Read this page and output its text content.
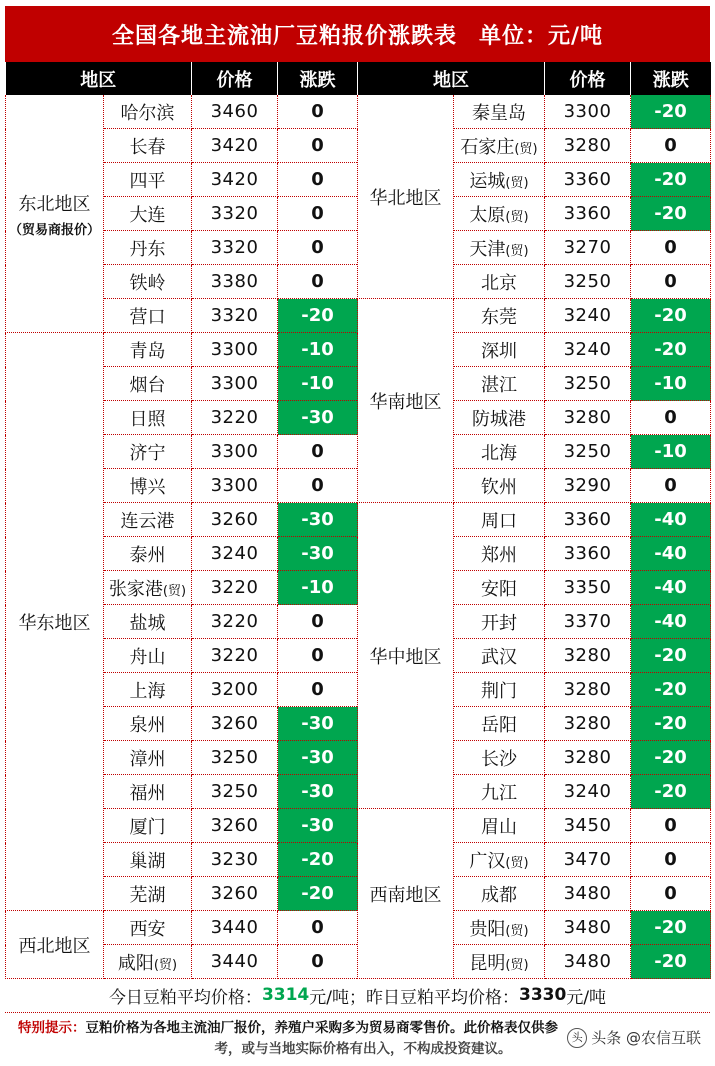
全国各地主流油厂豆粕报价涨跌表 单位：元/吨
地区		价格	涨跌	地区		价格	涨跌
东北地区
（贸易商报价）	哈尔滨	3460	0	华北地区	秦皇岛	3300	-20
	长春	3420	0		石家庄(贸)	3280	0
	四平	3420	0		运城(贸)	3360	-20
	大连	3320	0		太原(贸)	3360	-20
	丹东	3320	0		天津(贸)	3270	0
	铁岭	3380	0		北京	3250	0
	营口	3320	-20	华南地区	东莞	3240	-20
华东地区	青岛	3300	-10		深圳	3240	-20
	烟台	3300	-10		湛江	3250	-10
	日照	3220	-30		防城港	3280	0
	济宁	3300	0		北海	3250	-10
	博兴	3300	0		钦州	3290	0
	连云港	3260	-30	华中地区	周口	3360	-40
	泰州	3240	-30		郑州	3360	-40
	张家港(贸)	3220	-10		安阳	3350	-40
	盐城	3220	0		开封	3370	-40
	舟山	3220	0		武汉	3280	-20
	上海	3200	0		荆门	3280	-20
	泉州	3260	-30		岳阳	3280	-20
	漳州	3250	-30		长沙	3280	-20
	福州	3250	-30		九江	3240	-20
	厦门	3260	-30	西南地区	眉山	3450	0
	巢湖	3230	-20		广汉(贸)	3470	0
	芜湖	3260	-20		成都	3480	0
西北地区	西安	3440	0		贵阳(贸)	3480	-20
	咸阳(贸)	3440	0		昆明(贸)	3480	-20
今日豆粕平均价格： 3314 元/吨； 昨日豆粕平均价格： 3330 元/吨
特别提示：豆粕价格为各地主流油厂报价，养殖户采购多为贸易商零售价。此价格表仅供参
考，或与当地实际价格有出入，不构成投资建议。
头 头条 @农信互联
